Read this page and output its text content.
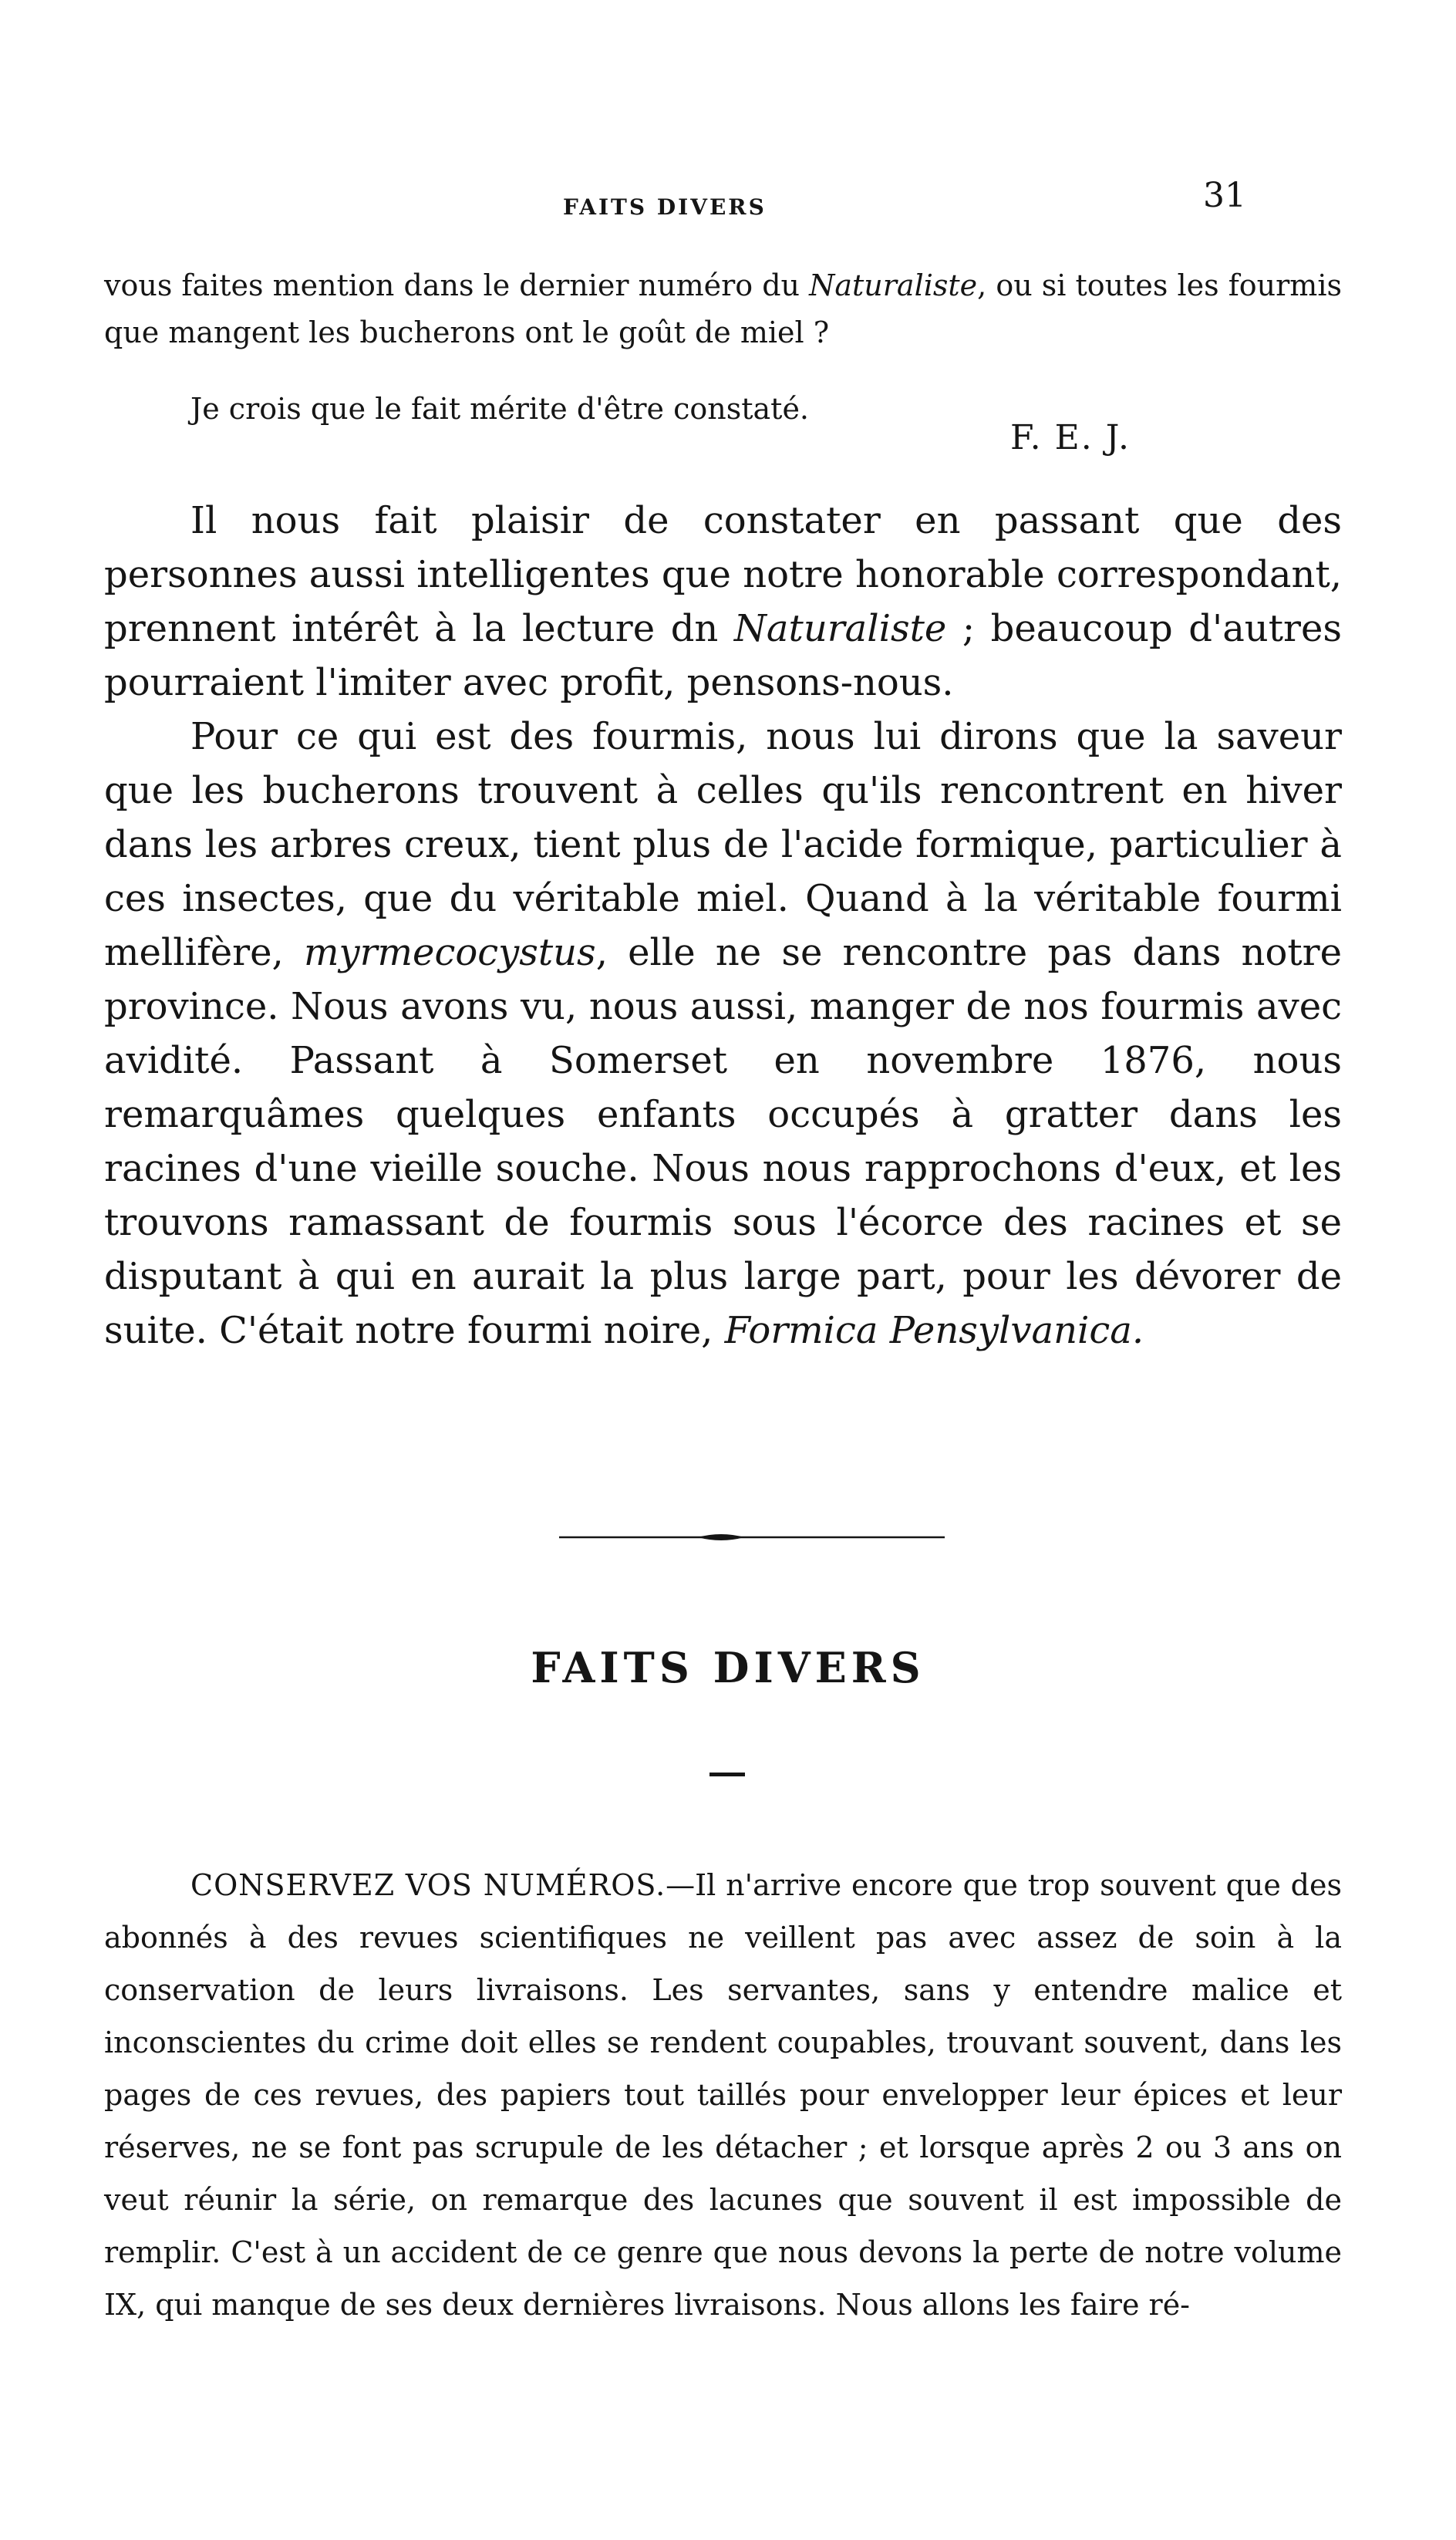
FAITS DIVERS	31

vous faites mention dans le dernier numéro du Naturaliste, ou si toutes les fourmis que mangent les bucherons ont le goût de miel ?

Je crois que le fait mérite d'être constaté.
F. E. J.

Il nous fait plaisir de constater en passant que des personnes aussi intelligentes que notre honorable correspondant, prennent intérêt à la lecture dn Naturaliste ; beaucoup d'autres pourraient l'imiter avec profit, pensons-nous.

Pour ce qui est des fourmis, nous lui dirons que la saveur que les bucherons trouvent à celles qu'ils rencontrent en hiver dans les arbres creux, tient plus de l'acide formique, particulier à ces insectes, que du véritable miel. Quand à la véritable fourmi mellifère, myrmecocystus, elle ne se rencontre pas dans notre province. Nous avons vu, nous aussi, manger de nos fourmis avec avidité. Passant à Somerset en novembre 1876, nous remarquâmes quelques enfants occupés à gratter dans les racines d'une vieille souche. Nous nous rapprochons d'eux, et les trouvons ramassant de fourmis sous l'écorce des racines et se disputant à qui en aurait la plus large part, pour les dévorer de suite. C'était notre fourmi noire, Formica Pensylvanica.

FAITS DIVERS

CONSERVEZ VOS NUMÉROS.—Il n'arrive encore que trop souvent que des abonnés à des revues scientifiques ne veillent pas avec assez de soin à la conservation de leurs livraisons. Les servantes, sans y entendre malice et inconscientes du crime doit elles se rendent coupables, trouvant souvent, dans les pages de ces revues, des papiers tout taillés pour envelopper leur épices et leur réserves, ne se font pas scrupule de les détacher ; et lorsque après 2 ou 3 ans on veut réunir la série, on remarque des lacunes que souvent il est impossible de remplir. C'est à un accident de ce genre que nous devons la perte de notre volume IX, qui manque de ses deux dernières livraisons. Nous allons les faire ré-
